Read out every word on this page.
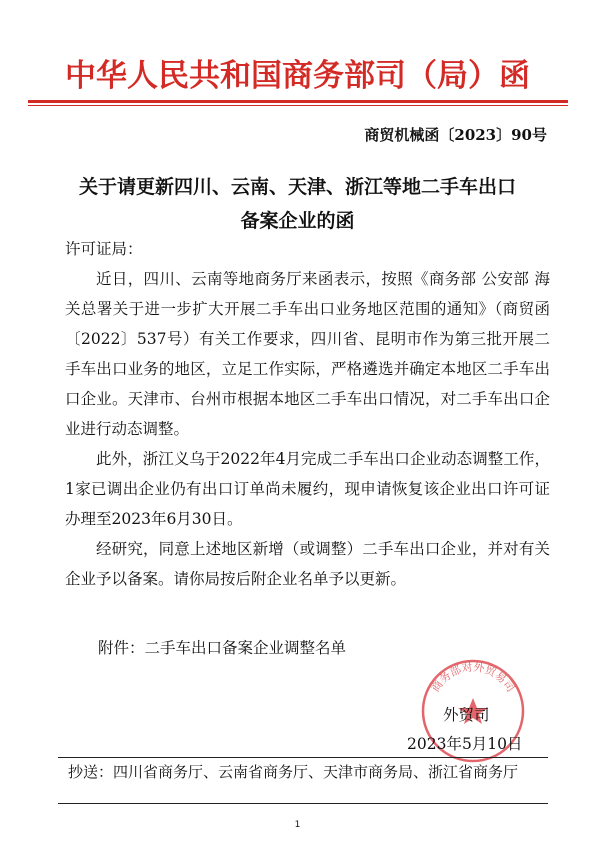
中华人民共和国商务部司（局）函
商贸机械函〔2023〕90号
关于请更新四川、云南、天津、浙江等地二手车出口
备案企业的函

许可证局：

近日，四川、云南等地商务厅来函表示，按照《商务部 公安部 海关总署关于进一步扩大开展二手车出口业务地区范围的通知》（商贸函〔2022〕537号）有关工作要求，四川省、昆明市作为第三批开展二手车出口业务的地区，立足工作实际，严格遴选并确定本地区二手车出口企业。天津市、台州市根据本地区二手车出口情况，对二手车出口企业进行动态调整。

此外，浙江义乌于2022年4月完成二手车出口企业动态调整工作，1家已调出企业仍有出口订单尚未履约，现申请恢复该企业出口许可证办理至2023年6月30日。

经研究，同意上述地区新增（或调整）二手车出口企业，并对有关企业予以备案。请你局按后附企业名单予以更新。

附件：二手车出口备案企业调整名单
商务部对外贸易司
外贸司
2023年5月10日
抄送：四川省商务厅、云南省商务厅、天津市商务局、浙江省商务厅
1
